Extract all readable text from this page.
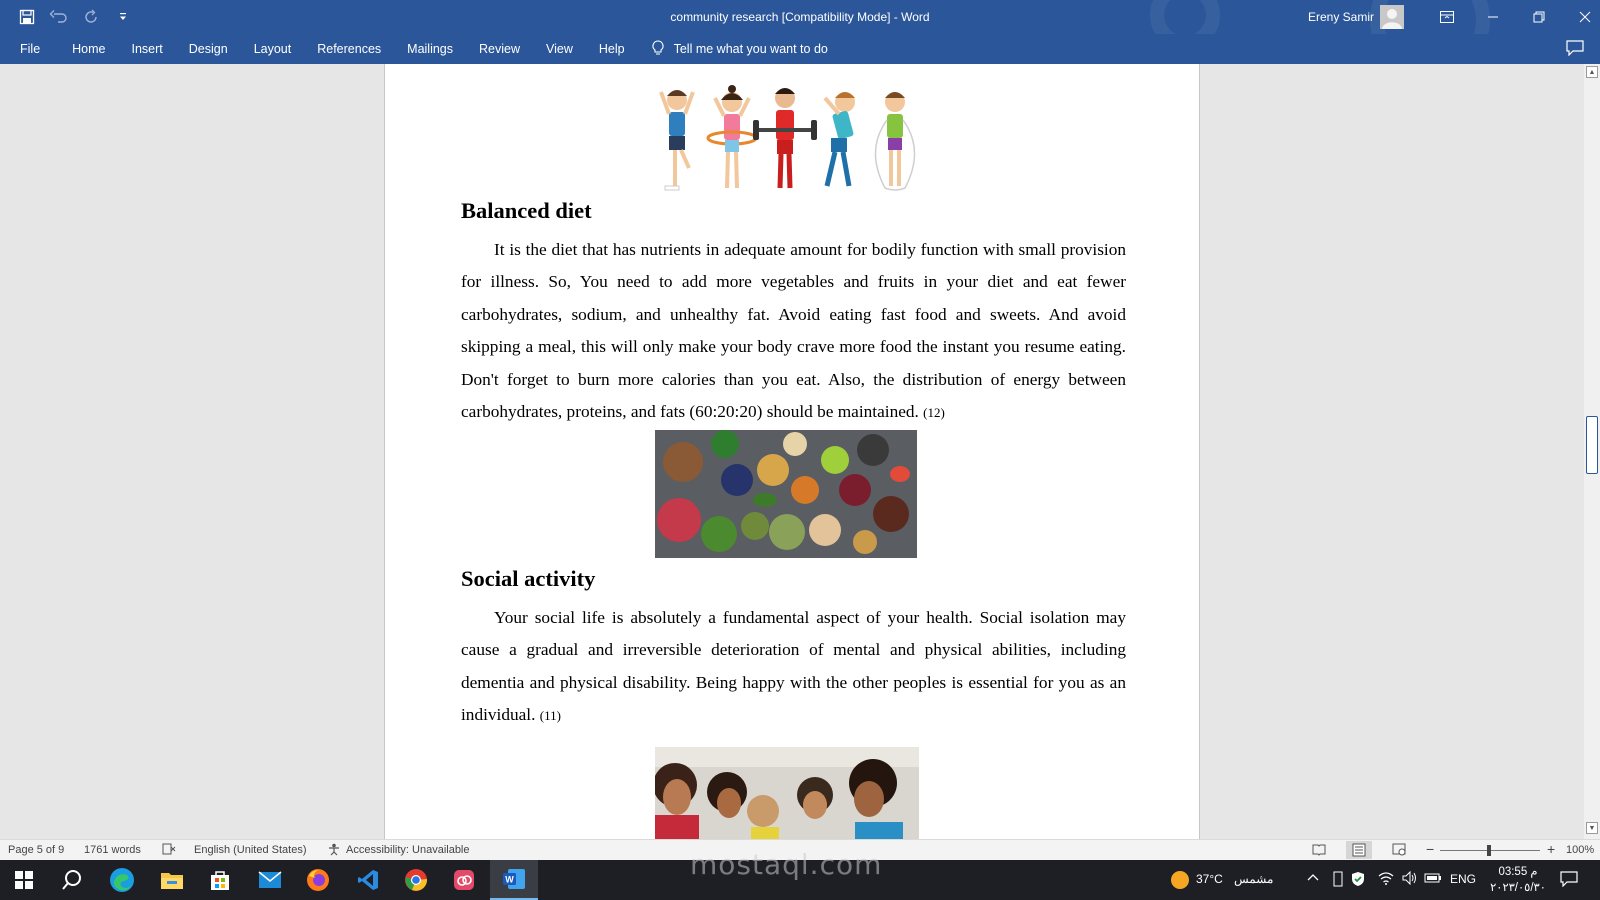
community research [Compatibility Mode] - Word	Ereny Samir
File	Home	Insert	Design	Layout	References	Mailings	Review	View	Help	Tell me what you want to do
Balanced diet
It is the diet that has nutrients in adequate amount for bodily function with small provision for illness. So, You need to add more vegetables and fruits in your diet and eat fewer carbohydrates, sodium, and unhealthy fat. Avoid eating fast food and sweets. And avoid skipping a meal, this will only make your body crave more food the instant you resume eating. Don't forget to burn more calories than you eat. Also, the distribution of energy between carbohydrates, proteins, and fats (60:20:20) should be maintained. (12)
Social activity
Your social life is absolutely a fundamental aspect of your health. Social isolation may cause a gradual and irreversible deterioration of mental and physical abilities, including dementia and physical disability. Being happy with the other peoples is essential for you as an individual. (11)
▲
▼
Page 5 of 9 1761 words	English (United States)	Accessibility: Unavailable	−	+ 100%
W	37°C مشمس	ENG	03:55 م
٢٠٢٣/٠٥/٣٠
mostaql.com
